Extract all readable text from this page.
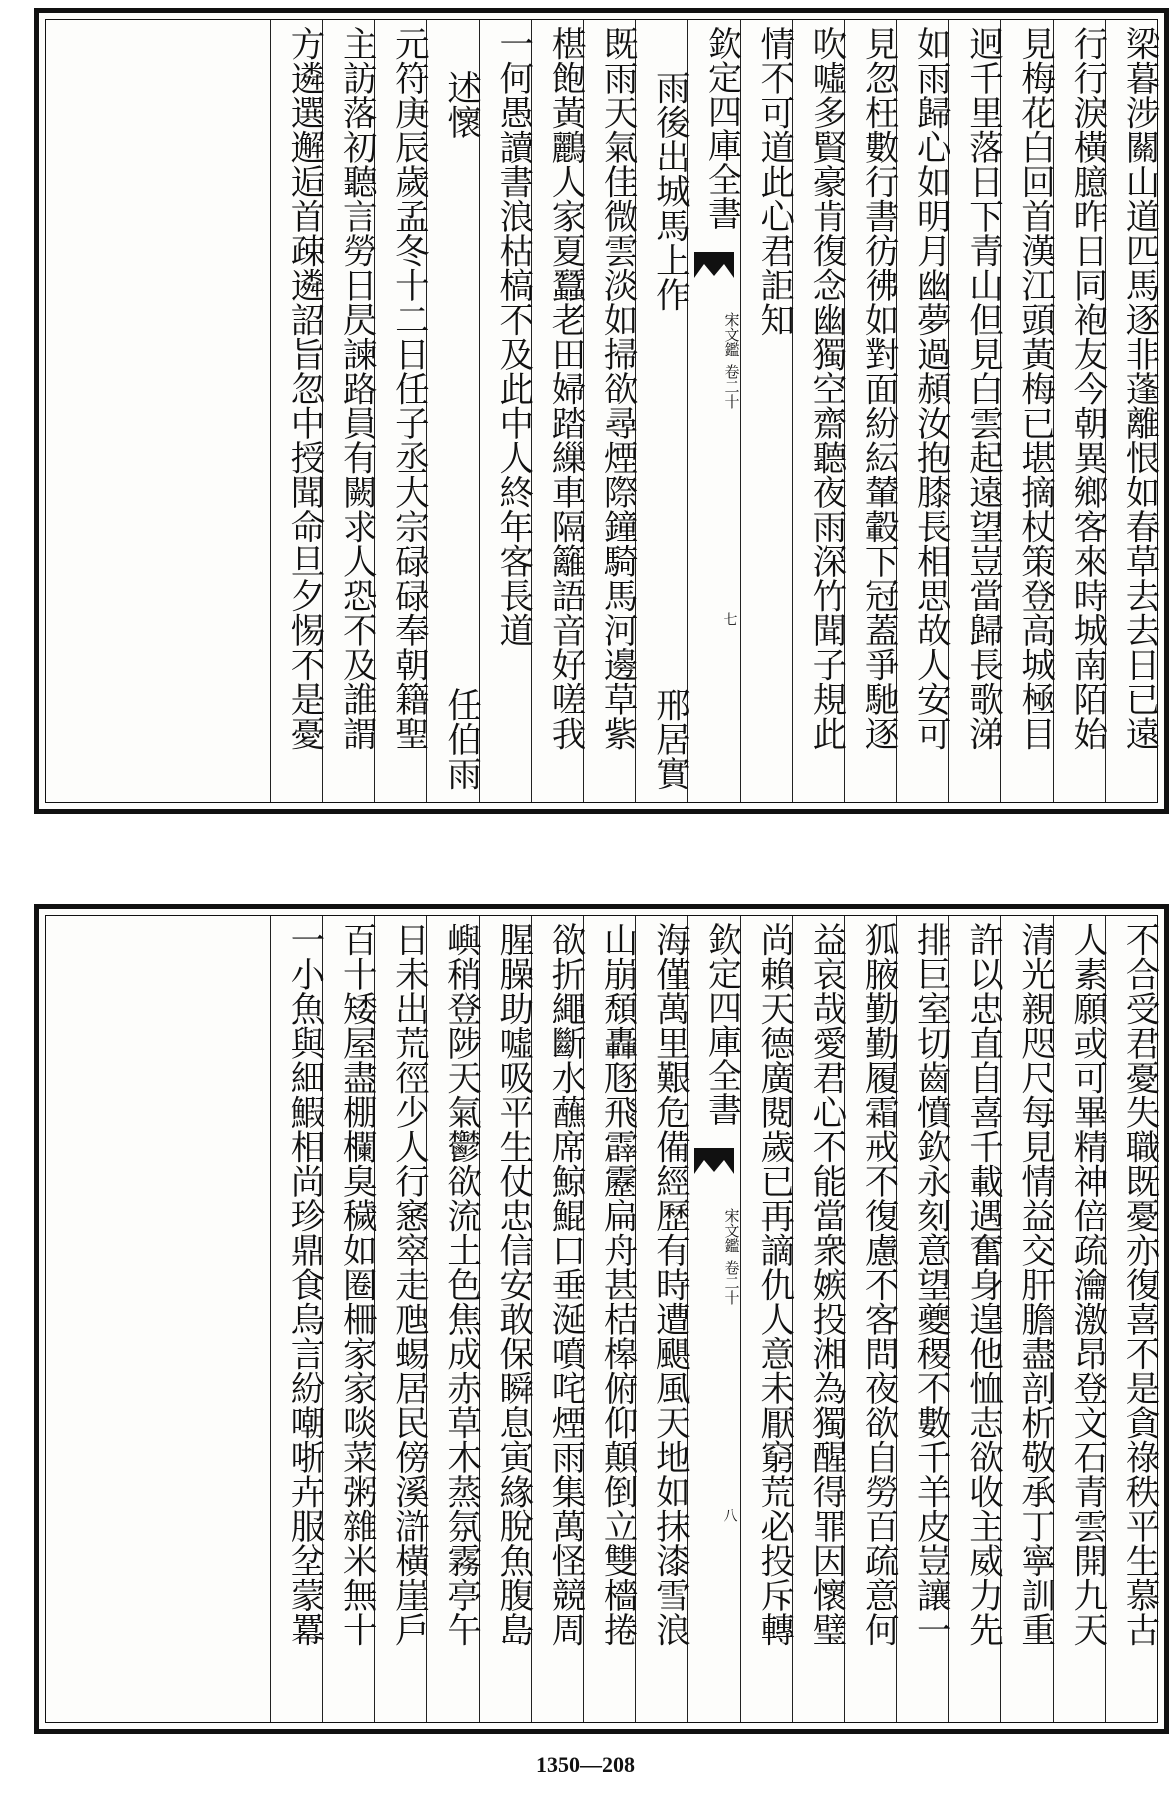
梁暮涉關山道匹馬逐非蓬離恨如春草去去日已遠
行行淚橫臆昨日同袍友今朝異鄉客來時城南陌始
見梅花白回首漢江頭黃梅已堪摘杖策登高城極目
迥千里落日下青山但見白雲起遠望豈當歸長歌涕
如雨歸心如明月幽夢過頳汝抱膝長相思故人安可
見忽枉數行書彷彿如對面紛紜輦轂下冠蓋爭馳逐
吹噓多賢豪肯復念幽獨空齋聽夜雨深竹聞子規此
情不可道此心君詎知
欽定四庫全書
宋文鑑
卷二十
七
雨後出城馬上作
邢居實
既雨天氣佳微雲淡如掃欲尋煙際鐘騎馬河邊草紫
椹飽黃鸝人家夏蠶老田婦踏繅車隔籬語音好嗟我
一何愚讀書浪枯槁不及此中人終年客長道
述懷
任伯雨
元符庚辰歲孟冬十二日任子丞大宗碌碌奉朝籍聖
主訪落初聽言勞日昃諫路員有闕求人恐不及誰謂
方遴選邂逅首疎遴詔旨忽中授聞命旦夕惕不是憂
不合受君憂失職既憂亦復喜不是貪祿秩平生慕古
人素願或可畢精神倍疏瀹激昂登文石青雲開九天
清光親咫尺每見情益交肝膽盡剖析敬承丁寧訓重
許以忠直自喜千載遇奮身遑他恤志欲收主威力先
排巨室切齒憤欽永刻意望夔稷不數千羊皮豈讓一
狐腋勤勤履霜戒不復慮不客問夜欲自勞百疏意何
益哀哉愛君心不能當衆嫉投湘為獨醒得罪因懷璧
尚賴天德廣閱歲已再謫仇人意未厭窮荒必投斥轉
欽定四庫全書
宋文鑑
卷二十
八
海僅萬里艱危備經歷有時遭颶風天地如抹漆雪浪
山崩頹轟豗飛霹靂扁舟甚桔槔俯仰顛倒立雙檣捲
欲折繩斷水蘸席鯨鯤口垂涎噴咤煙雨集萬怪競周
腥臊助噓吸平生仗忠信安敢保瞬息寅緣脫魚腹島
嶼稍登陟天氣鬱欲流土色焦成赤草木蒸氛霧亭午
日未出荒徑少人行窸窣走虺蜴居民傍溪滸橫崖戶
百十矮屋盡棚欄臭穢如圈柵家家啖菜粥雜米無十
一小魚與細鰕相尚珍鼎食烏言紛嘲哳卉服坌蒙羃
1350—208
